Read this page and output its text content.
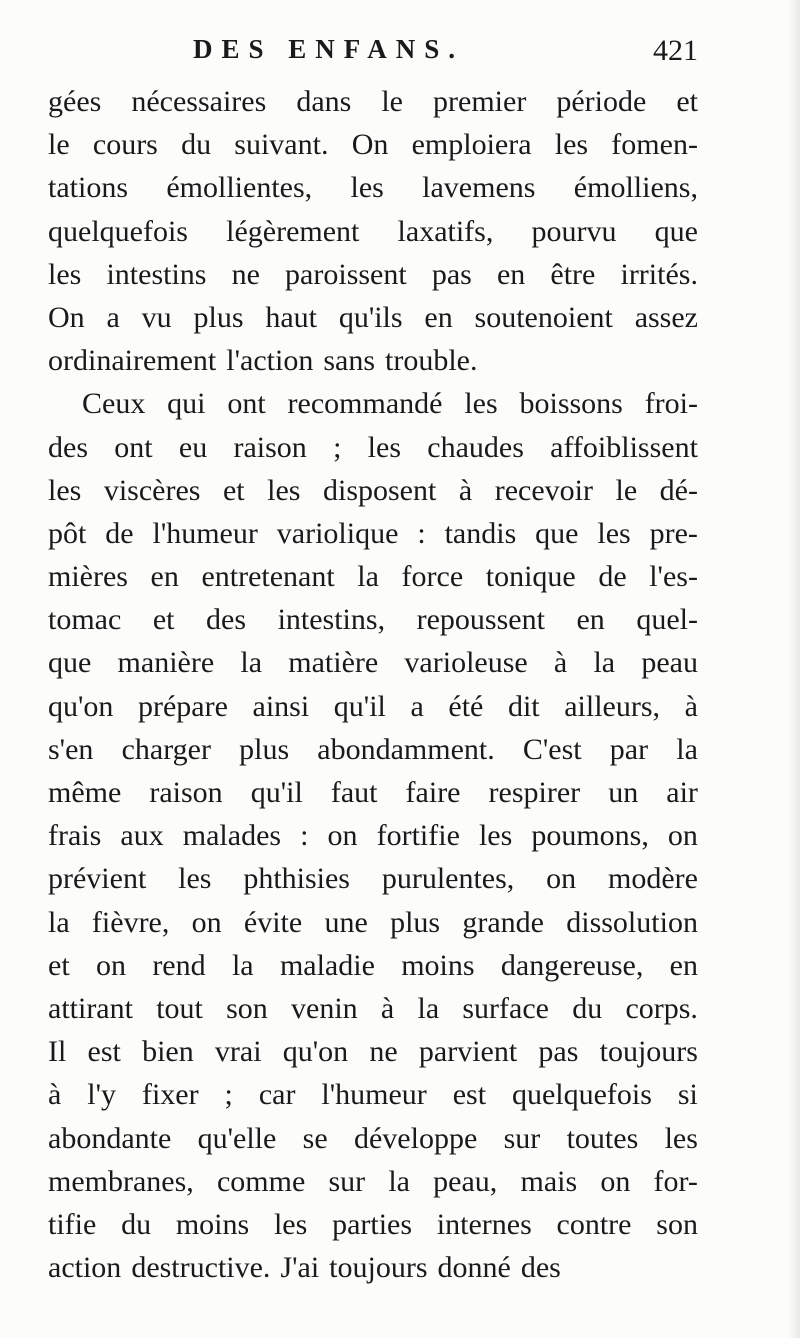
DES ENFANS.	421
gées nécessaires dans le premier période et
le cours du suivant. On emploiera les fomen-
tations émollientes, les lavemens émolliens,
quelquefois légèrement laxatifs, pourvu que
les intestins ne paroissent pas en être irrités.
On a vu plus haut qu'ils en soutenoient assez
ordinairement l'action sans trouble.
Ceux qui ont recommandé les boissons froi-
des ont eu raison ; les chaudes affoiblissent
les viscères et les disposent à recevoir le dé-
pôt de l'humeur variolique : tandis que les pre-
mières en entretenant la force tonique de l'es-
tomac et des intestins, repoussent en quel-
que manière la matière varioleuse à la peau
qu'on prépare ainsi qu'il a été dit ailleurs, à
s'en charger plus abondamment. C'est par la
même raison qu'il faut faire respirer un air
frais aux malades : on fortifie les poumons, on
prévient les phthisies purulentes, on modère
la fièvre, on évite une plus grande dissolution
et on rend la maladie moins dangereuse, en
attirant tout son venin à la surface du corps.
Il est bien vrai qu'on ne parvient pas toujours
à l'y fixer ; car l'humeur est quelquefois si
abondante qu'elle se développe sur toutes les
membranes, comme sur la peau, mais on for-
tifie du moins les parties internes contre son
action destructive. J'ai toujours donné des
